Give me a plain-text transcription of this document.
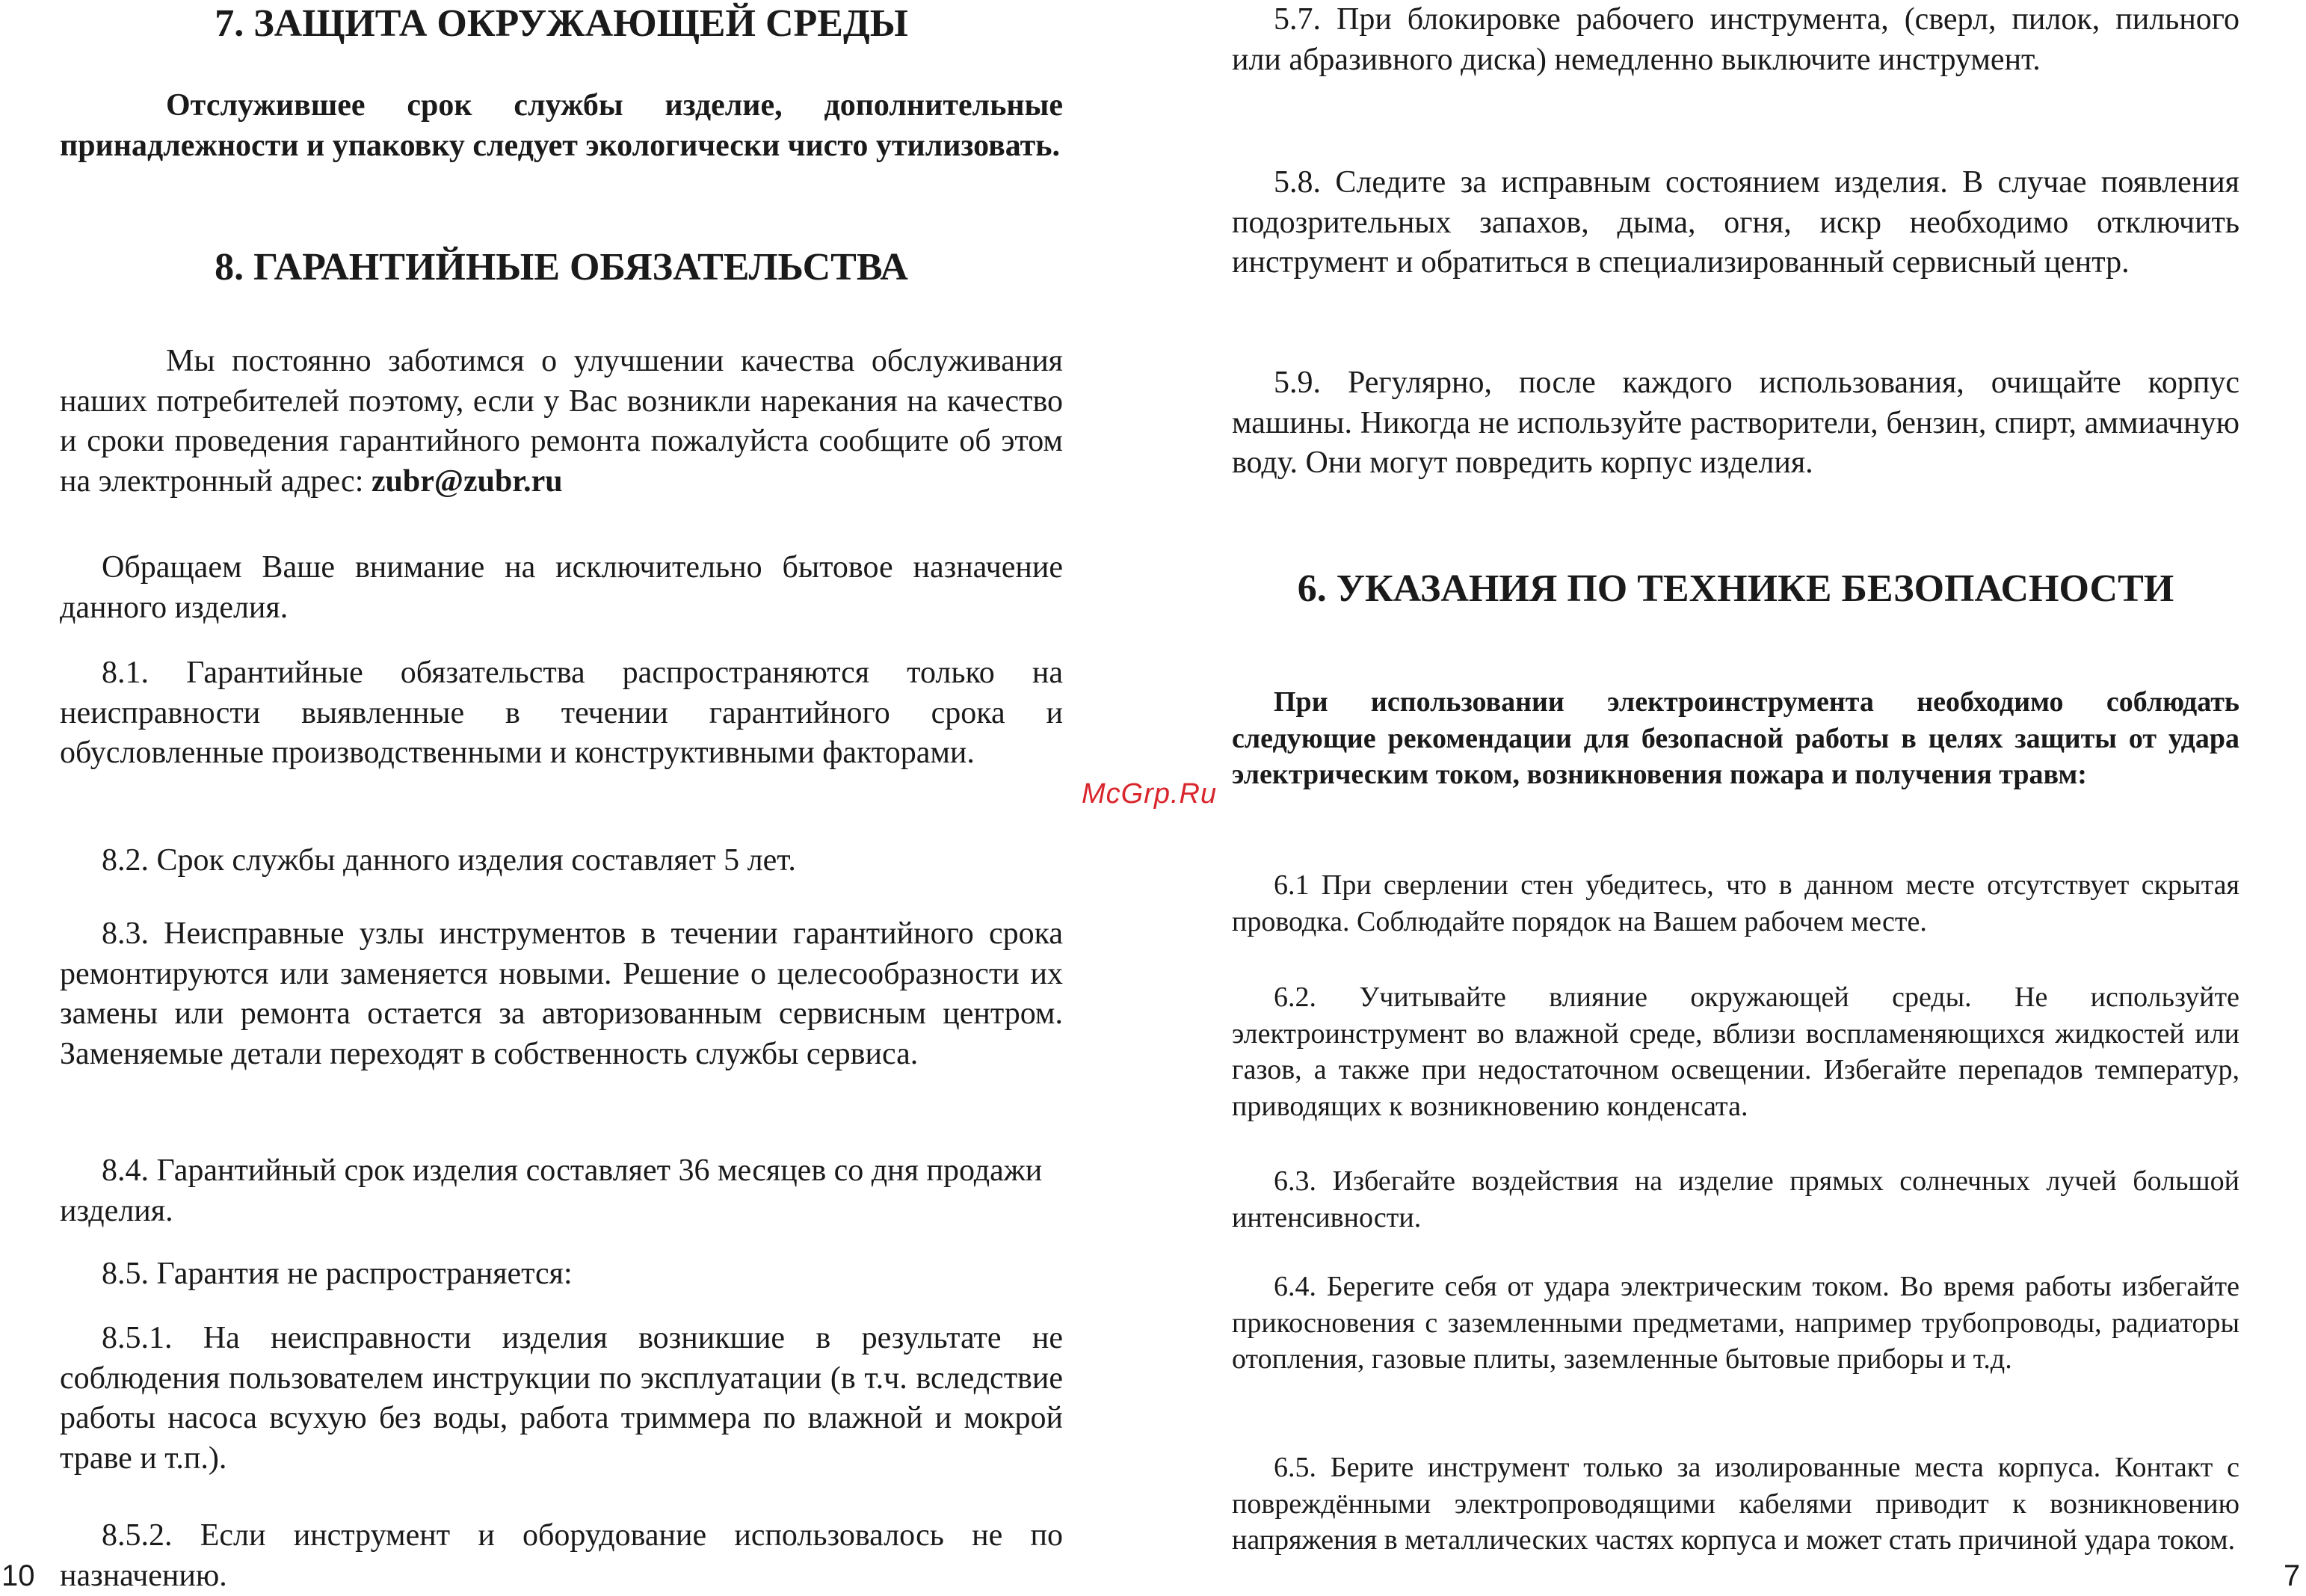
7. ЗАЩИТА ОКРУЖАЮЩЕЙ СРЕДЫ

Отслужившее срок службы изделие, дополнительные принадлежности и упаковку следует экологически чисто утилизовать.

8. ГАРАНТИЙНЫЕ ОБЯЗАТЕЛЬСТВА

Мы постоянно заботимся о улучшении качества обслуживания наших потребителей поэтому, если у Вас возникли нарекания на качество и сроки проведения гарантийного ремонта пожалуйста сообщите об этом на электронный адрес: zubr@zubr.ru

Обращаем Ваше внимание на исключительно бытовое назначение данного изделия.

8.1. Гарантийные обязательства распространяются только на неисправности выявленные в течении гарантийного срока и обусловленные производственными и конструктивными факторами.

8.2. Срок службы данного изделия составляет 5 лет.

8.3. Неисправные узлы инструментов в течении гарантийного срока ремонтируются или заменяется новыми. Решение о целесообразности их замены или ремонта остается за авторизованным сервисным центром. Заменяемые детали переходят в собственность службы сервиса.

8.4. Гарантийный срок изделия составляет 36 месяцев со дня продажи изделия.

8.5. Гарантия не распространяется:

8.5.1. На неисправности изделия возникшие в результате не соблюдения пользователем инструкции по эксплуатации (в т.ч. вследствие работы насоса всухую без воды, работа триммера по влажной и мокрой траве и т.п.).

8.5.2. Если инструмент и оборудование использовалось не по назначению.

10

5.7. При блокировке рабочего инструмента, (сверл, пилок, пильного или абразивного диска) немедленно выключите инструмент.

5.8. Следите за исправным состоянием изделия. В случае появления подозрительных запахов, дыма, огня, искр необходимо отключить инструмент и обратиться в специализированный сервисный центр.

5.9. Регулярно, после каждого использования, очищайте корпус машины. Никогда не используйте растворители, бензин, спирт, аммиачную воду. Они могут повредить корпус изделия.

6. УКАЗАНИЯ ПО ТЕХНИКЕ БЕЗОПАСНОСТИ

При использовании электроинструмента необходимо соблюдать следующие рекомендации для безопасной работы в целях защиты от удара электрическим током, возникновения пожара и получения травм:

6.1 При сверлении стен убедитесь, что в данном месте отсутствует скрытая проводка. Соблюдайте порядок на Вашем рабочем месте.

6.2. Учитывайте влияние окружающей среды. Не используйте электроинструмент во влажной среде, вблизи воспламеняющихся жидкостей или газов, а также при недостаточном освещении. Избегайте перепадов температур, приводящих к возникновению конденсата.

6.3. Избегайте воздействия на изделие прямых солнечных лучей большой интенсивности.

6.4. Берегите себя от удара электрическим током. Во время работы избегайте прикосновения с заземленными предметами, например трубопроводы, радиаторы отопления, газовые плиты, заземленные бытовые приборы и т.д.

6.5. Берите инструмент только за изолированные места корпуса. Контакт с повреждёнными электропроводящими кабелями приводит к возникновению напряжения в металлических частях корпуса и может стать причиной удара током.

7
McGrp.Ru
